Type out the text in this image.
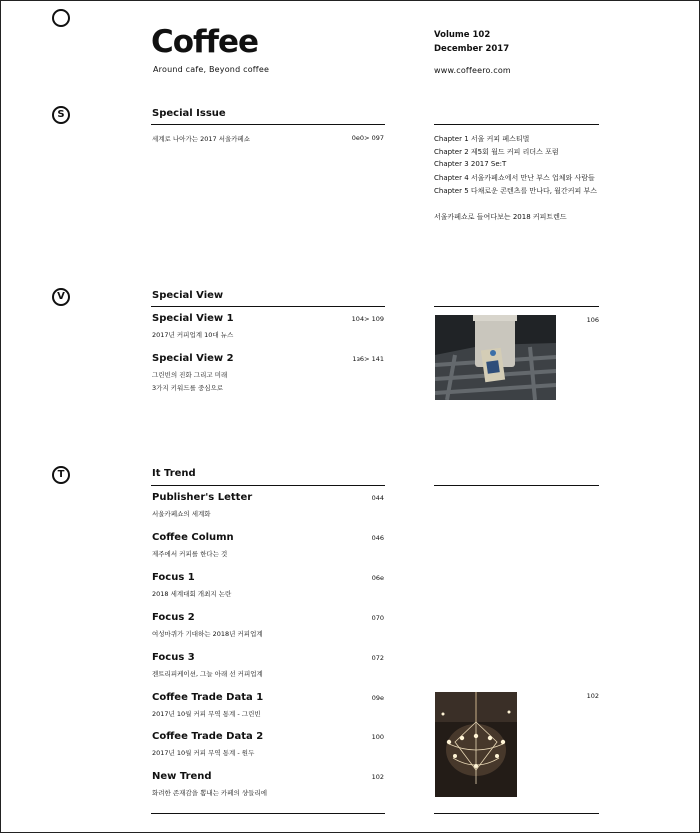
Coffee
Around cafe, Beyond coffee
Volume 102
December 2017
www.coffeero.com
S	Special Issue
세계로 나아가는 2017 서울카페쇼	0e0> 097	Chapter 1 서울 커피 페스티벌
Chapter 2 제5회 월드 커피 리더스 포럼
Chapter 3 2017 Se:T
Chapter 4 서울카페쇼에서 만난 부스 업체와 사람들
Chapter 5 다채로운 콘텐츠를 만나다, 월간커피 부스
서울카페쇼로 들여다보는 2018 커피트렌드
V	Special View
Special View 1	104> 109
2017년 커피업계 10대 뉴스
Special View 2	1з6> 141
그린빈의 진화 그리고 미래
3가지 키워드를 중심으로
106
T	It Trend
Publisher's Letter	044
서울카페쇼의 세계화
Coffee Column	046
제주에서 커피를 한다는 것
Focus 1	06e
2018 세계대회 개최지 논란
Focus 2	070
여성마퀴가 기대하는 2018년 커피업계
Focus 3	072
젠트리피케이션, 그늘 아래 선 커피업계
Coffee Trade Data 1	09e
2017년 10월 커피 무역 통계 - 그린빈
Coffee Trade Data 2	100
2017년 10월 커피 무역 통계 - 원두
New Trend	102
화려한 존재감을 뽐내는 카페의 샹들리에
102
